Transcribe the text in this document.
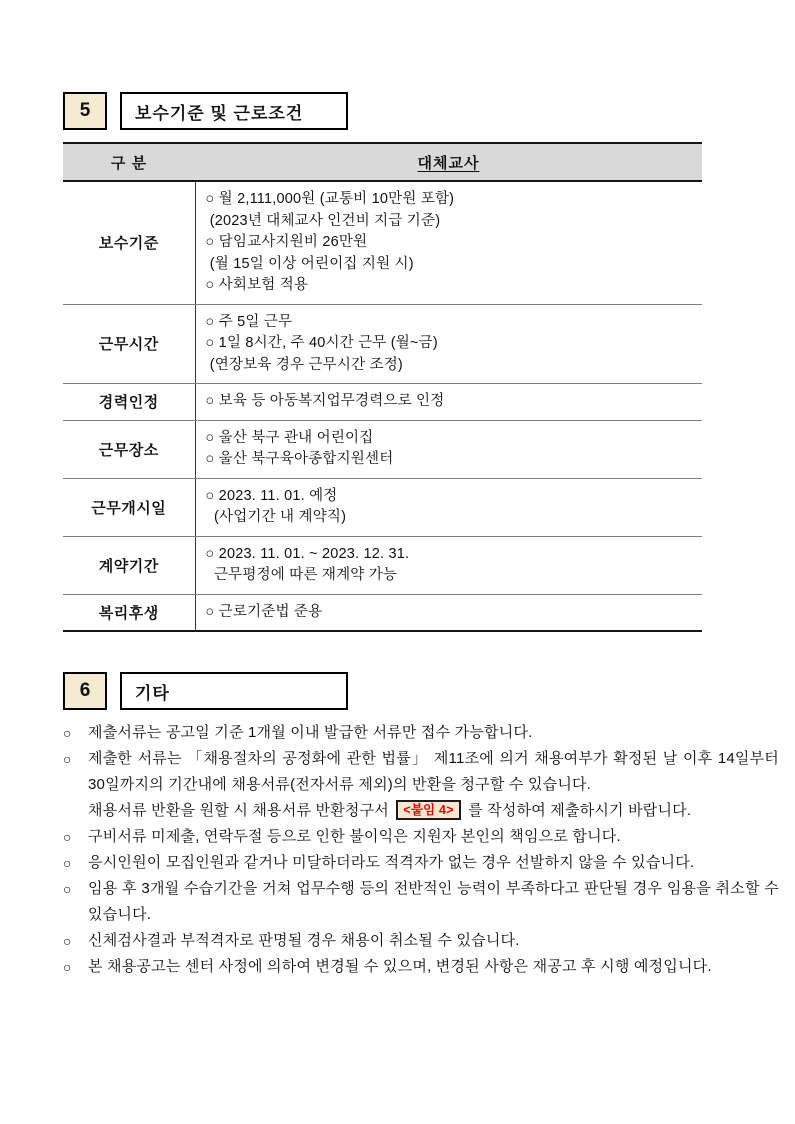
5	보수기준 및 근로조건
구 분	대체교사
보수기준	○ 월 2,111,000원 (교통비 10만원 포함)
(2023년 대체교사 인건비 지급 기준)
○ 담임교사지원비 26만원
(월 15일 이상 어린이집 지원 시)
○ 사회보험 적용

근무시간	○ 주 5일 근무
○ 1일 8시간, 주 40시간 근무 (월~금)
(연장보육 경우 근무시간 조정)

경력인정	○ 보육 등 아동복지업무경력으로 인정

근무장소	○ 울산 북구 관내 어린이집
○ 울산 북구육아종합지원센터

근무개시일	○ 2023. 11. 01. 예정
(사업기간 내 계약직)

계약기간	○ 2023. 11. 01. ~ 2023. 12. 31.
근무평정에 따른 재계약 가능

복리후생	○ 근로기준법 준용
6	기타
○	제출서류는 공고일 기준 1개월 이내 발급한 서류만 접수 가능합니다.

○	제출한 서류는 「채용절차의 공정화에 관한 법률」 제11조에 의거 채용여부가 확정된 날 이후 14일부터 30일까지의 기간내에 채용서류(전자서류 제외)의 반환을 청구할 수 있습니다.

채용서류 반환을 원할 시 채용서류 반환청구서 <붙임 4> 를 작성하여 제출하시기 바랍니다.

○	구비서류 미제출, 연락두절 등으로 인한 불이익은 지원자 본인의 책임으로 합니다.

○	응시인원이 모집인원과 같거나 미달하더라도 적격자가 없는 경우 선발하지 않을 수 있습니다.

○	임용 후 3개월 수습기간을 거쳐 업무수행 등의 전반적인 능력이 부족하다고 판단될 경우 임용을 취소할 수 있습니다.

○	신체검사결과 부적격자로 판명될 경우 채용이 취소될 수 있습니다.

○	본 채용공고는 센터 사정에 의하여 변경될 수 있으며, 변경된 사항은 재공고 후 시행 예정입니다.
